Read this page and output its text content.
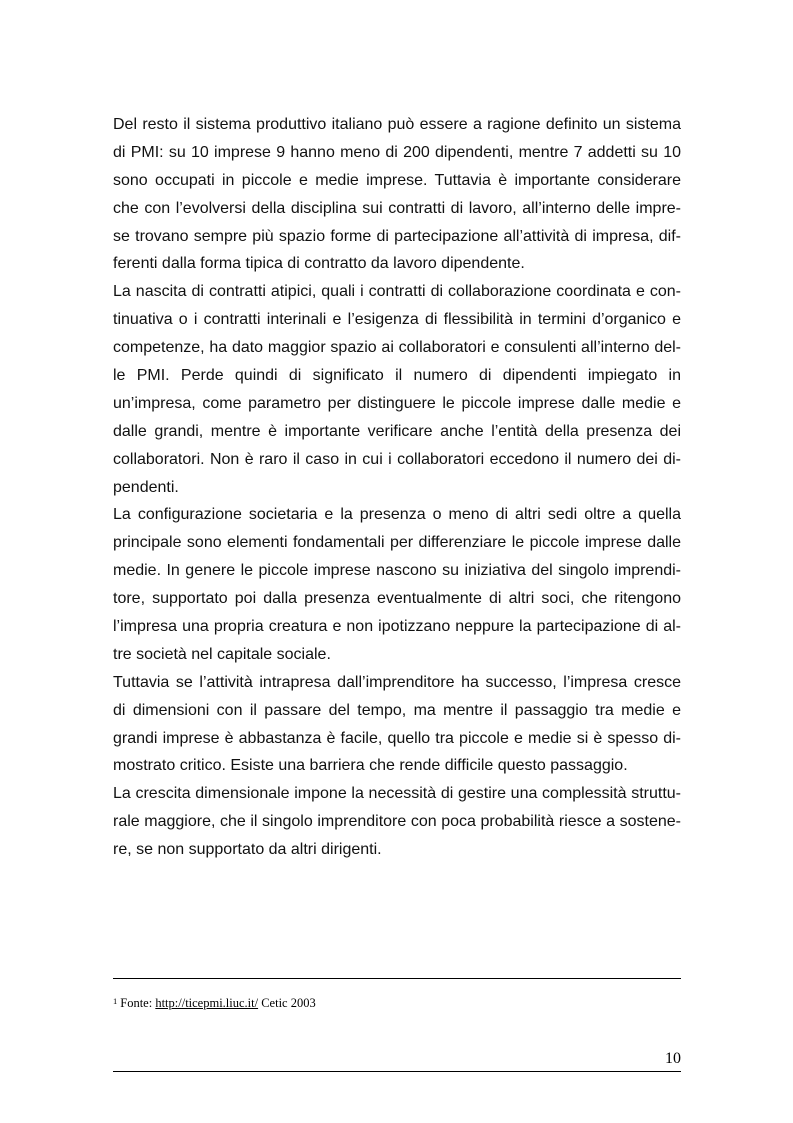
Del resto il sistema produttivo italiano può essere a ragione definito un sistema
di PMI: su 10 imprese 9 hanno meno di 200 dipendenti, mentre 7 addetti su 10
sono occupati in piccole e medie imprese. Tuttavia è importante considerare
che con l’evolversi della disciplina sui contratti di lavoro, all’interno delle impre-
se trovano sempre più spazio forme di partecipazione all’attività di impresa, dif-
ferenti dalla forma tipica di contratto da lavoro dipendente.
La nascita di contratti atipici, quali i contratti di collaborazione coordinata e con-
tinuativa o i contratti interinali e l’esigenza di flessibilità in termini d’organico e
competenze, ha dato maggior spazio ai collaboratori e consulenti all’interno del-
le PMI. Perde quindi di significato il numero di dipendenti impiegato in
un’impresa, come parametro per distinguere le piccole imprese dalle medie e
dalle grandi, mentre è importante verificare anche l’entità della presenza dei
collaboratori. Non è raro il caso in cui i collaboratori eccedono il numero dei di-
pendenti.
La configurazione societaria e la presenza o meno di altri sedi oltre a quella
principale sono elementi fondamentali per differenziare le piccole imprese dalle
medie. In genere le piccole imprese nascono su iniziativa del singolo imprendi-
tore, supportato poi dalla presenza eventualmente di altri soci, che ritengono
l’impresa una propria creatura e non ipotizzano neppure la partecipazione di al-
tre società nel capitale sociale.
Tuttavia se l’attività intrapresa dall’imprenditore ha successo, l’impresa cresce
di dimensioni con il passare del tempo, ma mentre il passaggio tra medie e
grandi imprese è abbastanza è facile, quello tra piccole e medie si è spesso di-
mostrato critico. Esiste una barriera che rende difficile questo passaggio.
La crescita dimensionale impone la necessità di gestire una complessità struttu-
rale maggiore, che il singolo imprenditore con poca probabilità riesce a sostene-
re, se non supportato da altri dirigenti.
$^1$ Fonte: http://ticepmi.liuc.it/ Cetic 2003
10
